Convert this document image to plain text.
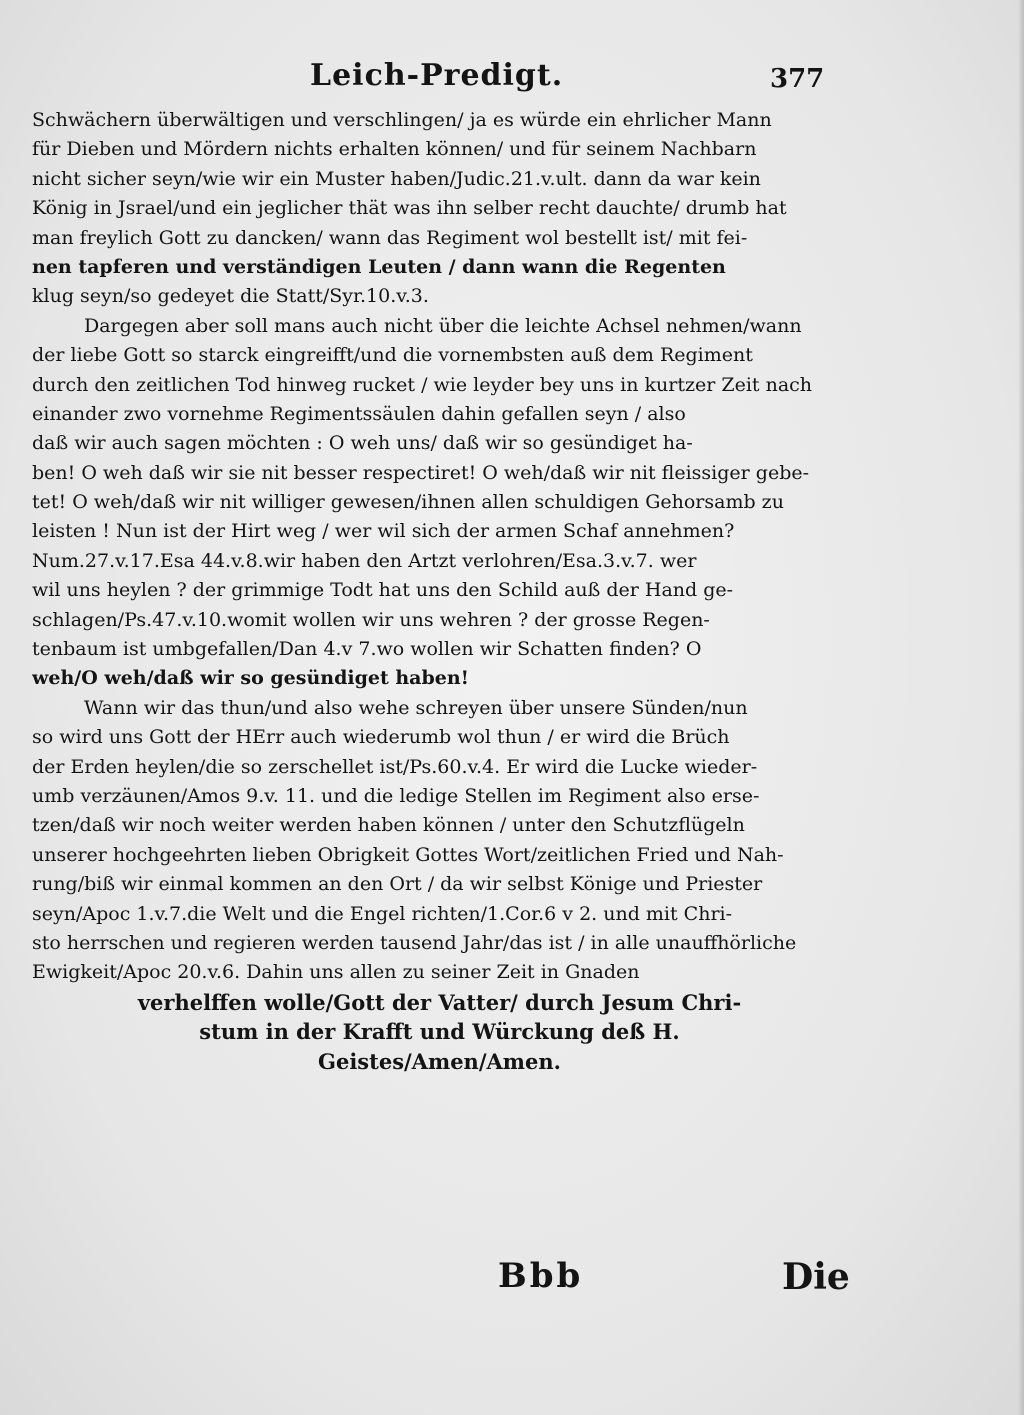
Leich-Predigt.	377
Schwächern überwältigen und verschlingen/ ja es würde ein ehrlicher Mann
für Dieben und Mördern nichts erhalten können/ und für seinem Nachbarn
nicht sicher seyn/wie wir ein Muster haben/Judic.21.v.ult. dann da war kein
König in Jsrael/und ein jeglicher thät was ihn selber recht dauchte/ drumb hat
man freylich Gott zu dancken/ wann das Regiment wol bestellt ist/ mit fei-
nen tapferen und verständigen Leuten / dann wann die Regenten
klug seyn/so gedeyet die Statt/Syr.10.v.3.
Dargegen aber soll mans auch nicht über die leichte Achsel nehmen/wann
der liebe Gott so starck eingreifft/und die vornembsten auß dem Regiment
durch den zeitlichen Tod hinweg rucket / wie leyder bey uns in kurtzer Zeit nach
einander zwo vornehme Regimentssäulen dahin gefallen seyn / also
daß wir auch sagen möchten : O weh uns/ daß wir so gesündiget ha-
ben! O weh daß wir sie nit besser respectiret! O weh/daß wir nit fleissiger gebe-
tet! O weh/daß wir nit williger gewesen/ihnen allen schuldigen Gehorsamb zu
leisten ! Nun ist der Hirt weg / wer wil sich der armen Schaf annehmen?
Num.27.v.17.Esa 44.v.8.wir haben den Artzt verlohren/Esa.3.v.7. wer
wil uns heylen ? der grimmige Todt hat uns den Schild auß der Hand ge-
schlagen/Ps.47.v.10.womit wollen wir uns wehren ? der grosse Regen-
tenbaum ist umbgefallen/Dan 4.v 7.wo wollen wir Schatten finden? O
weh/O weh/daß wir so gesündiget haben!
Wann wir das thun/und also wehe schreyen über unsere Sünden/nun
so wird uns Gott der HErr auch wiederumb wol thun / er wird die Brüch
der Erden heylen/die so zerschellet ist/Ps.60.v.4. Er wird die Lucke wieder-
umb verzäunen/Amos 9.v. 11. und die ledige Stellen im Regiment also erse-
tzen/daß wir noch weiter werden haben können / unter den Schutzflügeln
unserer hochgeehrten lieben Obrigkeit Gottes Wort/zeitlichen Fried und Nah-
rung/biß wir einmal kommen an den Ort / da wir selbst Könige und Priester
seyn/Apoc 1.v.7.die Welt und die Engel richten/1.Cor.6 v 2. und mit Chri-
sto herrschen und regieren werden tausend Jahr/das ist / in alle unauffhörliche
Ewigkeit/Apoc 20.v.6. Dahin uns allen zu seiner Zeit in Gnaden
verhelffen wolle/Gott der Vatter/ durch Jesum Chri-
stum in der Krafft und Würckung deß H.
Geistes/Amen/Amen.
Bbb	Die
